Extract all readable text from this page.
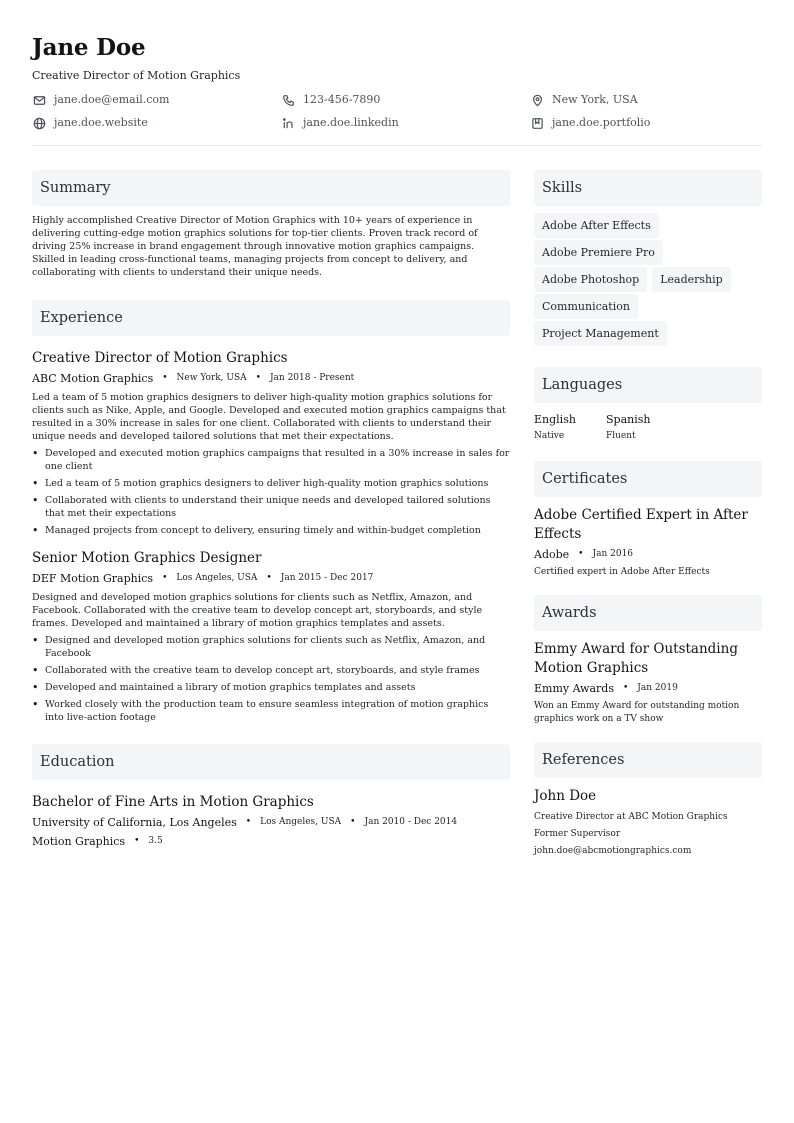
Jane Doe
Creative Director of Motion Graphics
jane.doe@email.com	123-456-7890	New York, USA
jane.doe.website	jane.doe.linkedin	jane.doe.portfolio
Summary
Highly accomplished Creative Director of Motion Graphics with 10+ years of experience in delivering cutting-edge motion graphics solutions for top-tier clients. Proven track record of driving 25% increase in brand engagement through innovative motion graphics campaigns. Skilled in leading cross-functional teams, managing projects from concept to delivery, and collaborating with clients to understand their unique needs.
Experience
Creative Director of Motion Graphics
ABC Motion Graphics • New York, USA • Jan 2018 - Present
Led a team of 5 motion graphics designers to deliver high-quality motion graphics solutions for clients such as Nike, Apple, and Google. Developed and executed motion graphics campaigns that resulted in a 30% increase in sales for one client. Collaborated with clients to understand their unique needs and developed tailored solutions that met their expectations.
• Developed and executed motion graphics campaigns that resulted in a 30% increase in sales for one client
• Led a team of 5 motion graphics designers to deliver high-quality motion graphics solutions
• Collaborated with clients to understand their unique needs and developed tailored solutions that met their expectations
• Managed projects from concept to delivery, ensuring timely and within-budget completion
Senior Motion Graphics Designer
DEF Motion Graphics • Los Angeles, USA • Jan 2015 - Dec 2017
Designed and developed motion graphics solutions for clients such as Netflix, Amazon, and Facebook. Collaborated with the creative team to develop concept art, storyboards, and style frames. Developed and maintained a library of motion graphics templates and assets.
• Designed and developed motion graphics solutions for clients such as Netflix, Amazon, and Facebook
• Collaborated with the creative team to develop concept art, storyboards, and style frames
• Developed and maintained a library of motion graphics templates and assets
• Worked closely with the production team to ensure seamless integration of motion graphics into live-action footage
Education
Bachelor of Fine Arts in Motion Graphics
University of California, Los Angeles • Los Angeles, USA • Jan 2010 - Dec 2014
Motion Graphics • 3.5
Skills
Adobe After Effects
Adobe Premiere Pro
Adobe Photoshop	Leadership
Communication
Project Management
Languages
English
Native
Spanish
Fluent
Certificates
Adobe Certified Expert in After Effects
Adobe • Jan 2016
Certified expert in Adobe After Effects
Awards
Emmy Award for Outstanding Motion Graphics
Emmy Awards • Jan 2019
Won an Emmy Award for outstanding motion graphics work on a TV show
References
John Doe
Creative Director at ABC Motion Graphics
Former Supervisor
john.doe@abcmotiongraphics.com
